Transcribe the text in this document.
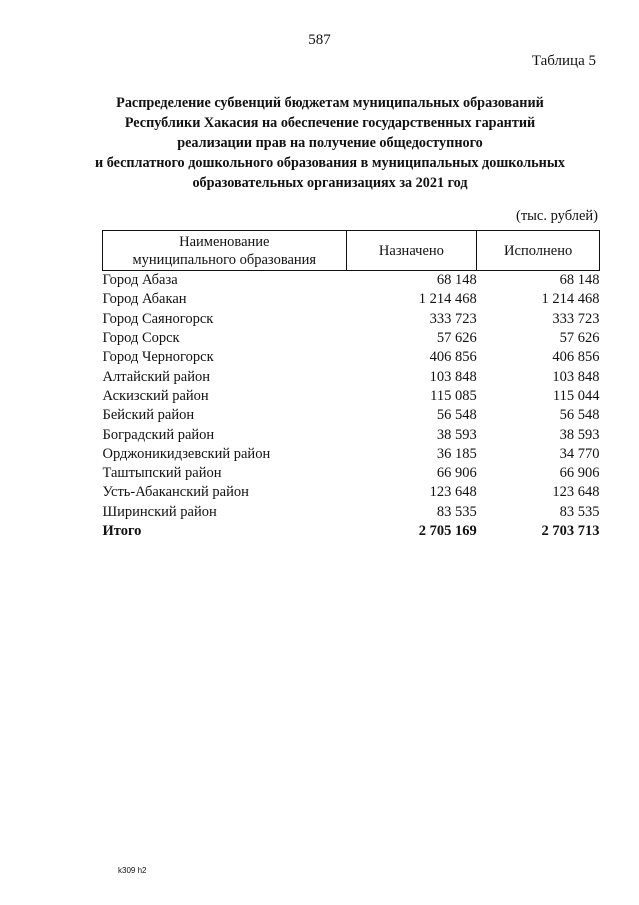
587
Таблица 5
Распределение субвенций бюджетам муниципальных образований
Республики Хакасия на обеспечение государственных гарантий
реализации прав на получение общедоступного
и бесплатного дошкольного образования в муниципальных дошкольных
образовательных организациях за 2021 год
(тыс. рублей)
Наименование
муниципального образования	Назначено	Исполнено
Город Абаза	68 148	68 148
Город Абакан	1 214 468	1 214 468
Город Саяногорск	333 723	333 723
Город Сорск	57 626	57 626
Город Черногорск	406 856	406 856
Алтайский район	103 848	103 848
Аскизский район	115 085	115 044
Бейский район	56 548	56 548
Боградский район	38 593	38 593
Орджоникидзевский район	36 185	34 770
Таштыпский район	66 906	66 906
Усть-Абаканский район	123 648	123 648
Ширинский район	83 535	83 535
Итого	2 705 169	2 703 713
k309 h2
